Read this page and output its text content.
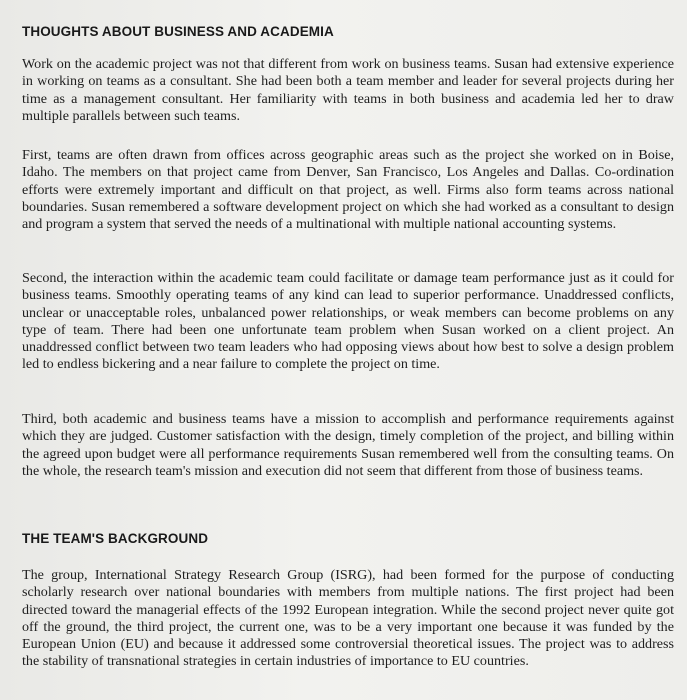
THOUGHTS ABOUT BUSINESS AND ACADEMIA

Work on the academic project was not that different from work on business teams. Susan had extensive experience in working on teams as a consultant. She had been both a team member and leader for several projects during her time as a management consultant. Her familiarity with teams in both business and academia led her to draw multiple parallels between such teams.

First, teams are often drawn from offices across geographic areas such as the project she worked on in Boise, Idaho. The members on that project came from Denver, San Francisco, Los Angeles and Dallas. Co-ordination efforts were extremely important and difficult on that project, as well. Firms also form teams across national boundaries. Susan remembered a software development project on which she had worked as a consultant to design and program a system that served the needs of a multinational with multiple national accounting systems.

Second, the interaction within the academic team could facilitate or damage team performance just as it could for business teams. Smoothly operating teams of any kind can lead to superior performance. Unaddressed conflicts, unclear or unacceptable roles, unbalanced power relationships, or weak members can become problems on any type of team. There had been one unfortunate team problem when Susan worked on a client project. An unaddressed conflict between two team leaders who had opposing views about how best to solve a design problem led to endless bickering and a near failure to complete the project on time.

Third, both academic and business teams have a mission to accomplish and performance requirements against which they are judged. Customer satisfaction with the design, timely completion of the project, and billing within the agreed upon budget were all performance requirements Susan remembered well from the consulting teams. On the whole, the research team's mission and execution did not seem that different from those of business teams.

THE TEAM'S BACKGROUND

The group, International Strategy Research Group (ISRG), had been formed for the purpose of conducting scholarly research over national boundaries with members from multiple nations. The first project had been directed toward the managerial effects of the 1992 European integration. While the second project never quite got off the ground, the third project, the current one, was to be a very important one because it was funded by the European Union (EU) and because it addressed some controversial theoretical issues. The project was to address the stability of transnational strategies in certain industries of importance to EU countries.
